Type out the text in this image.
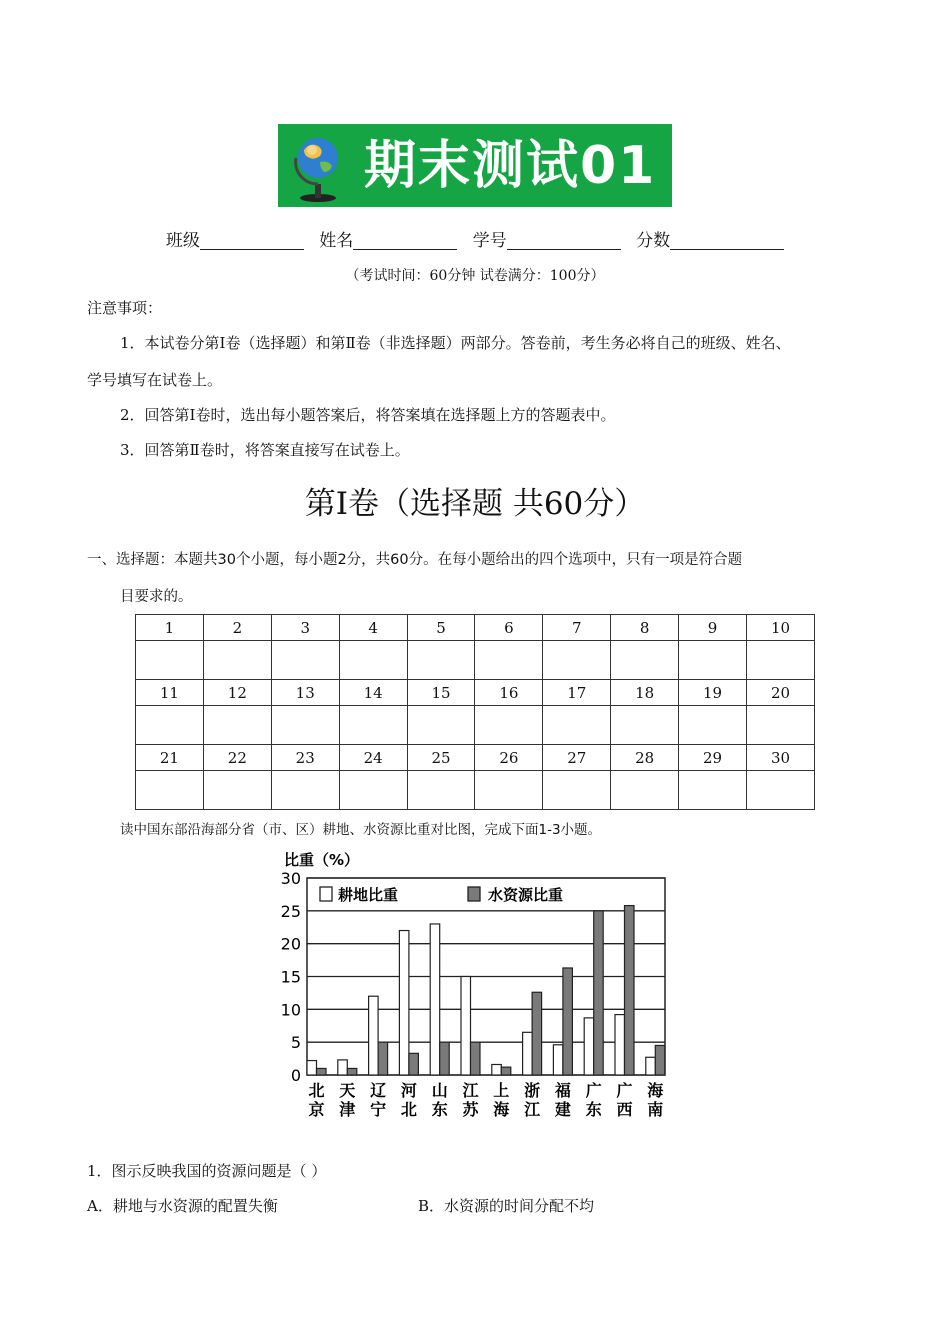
期末测试01
班级	姓名	学号	分数
（考试时间：60分钟 试卷满分：100分）
注意事项：
1．本试卷分第Ⅰ卷（选择题）和第Ⅱ卷（非选择题）两部分。答卷前，考生务必将自己的班级、姓名、
学号填写在试卷上。
2．回答第Ⅰ卷时，选出每小题答案后，将答案填在选择题上方的答题表中。
3．回答第Ⅱ卷时，将答案直接写在试卷上。
第Ⅰ卷（选择题 共60分）
一、选择题：本题共30个小题，每小题2分，共60分。在每小题给出的四个选项中，只有一项是符合题
目要求的。
1	2	3	4	5	6	7	8	9	10

11	12	13	14	15	16	17	18	19	20

21	22	23	24	25	26	27	28	29	30

读中国东部沿海部分省（市、区）耕地、水资源比重对比图，完成下面1-3小题。
比重（%）
0
5
10
15
20
25
30
北
京
天
津
辽
宁
河
北
山
东
江
苏
上
海
浙
江
福
建
广
东
广
西
海
南
耕地比重	水资源比重
1．图示反映我国的资源问题是（ ）
A．耕地与水资源的配置失衡	B．水资源的时间分配不均
